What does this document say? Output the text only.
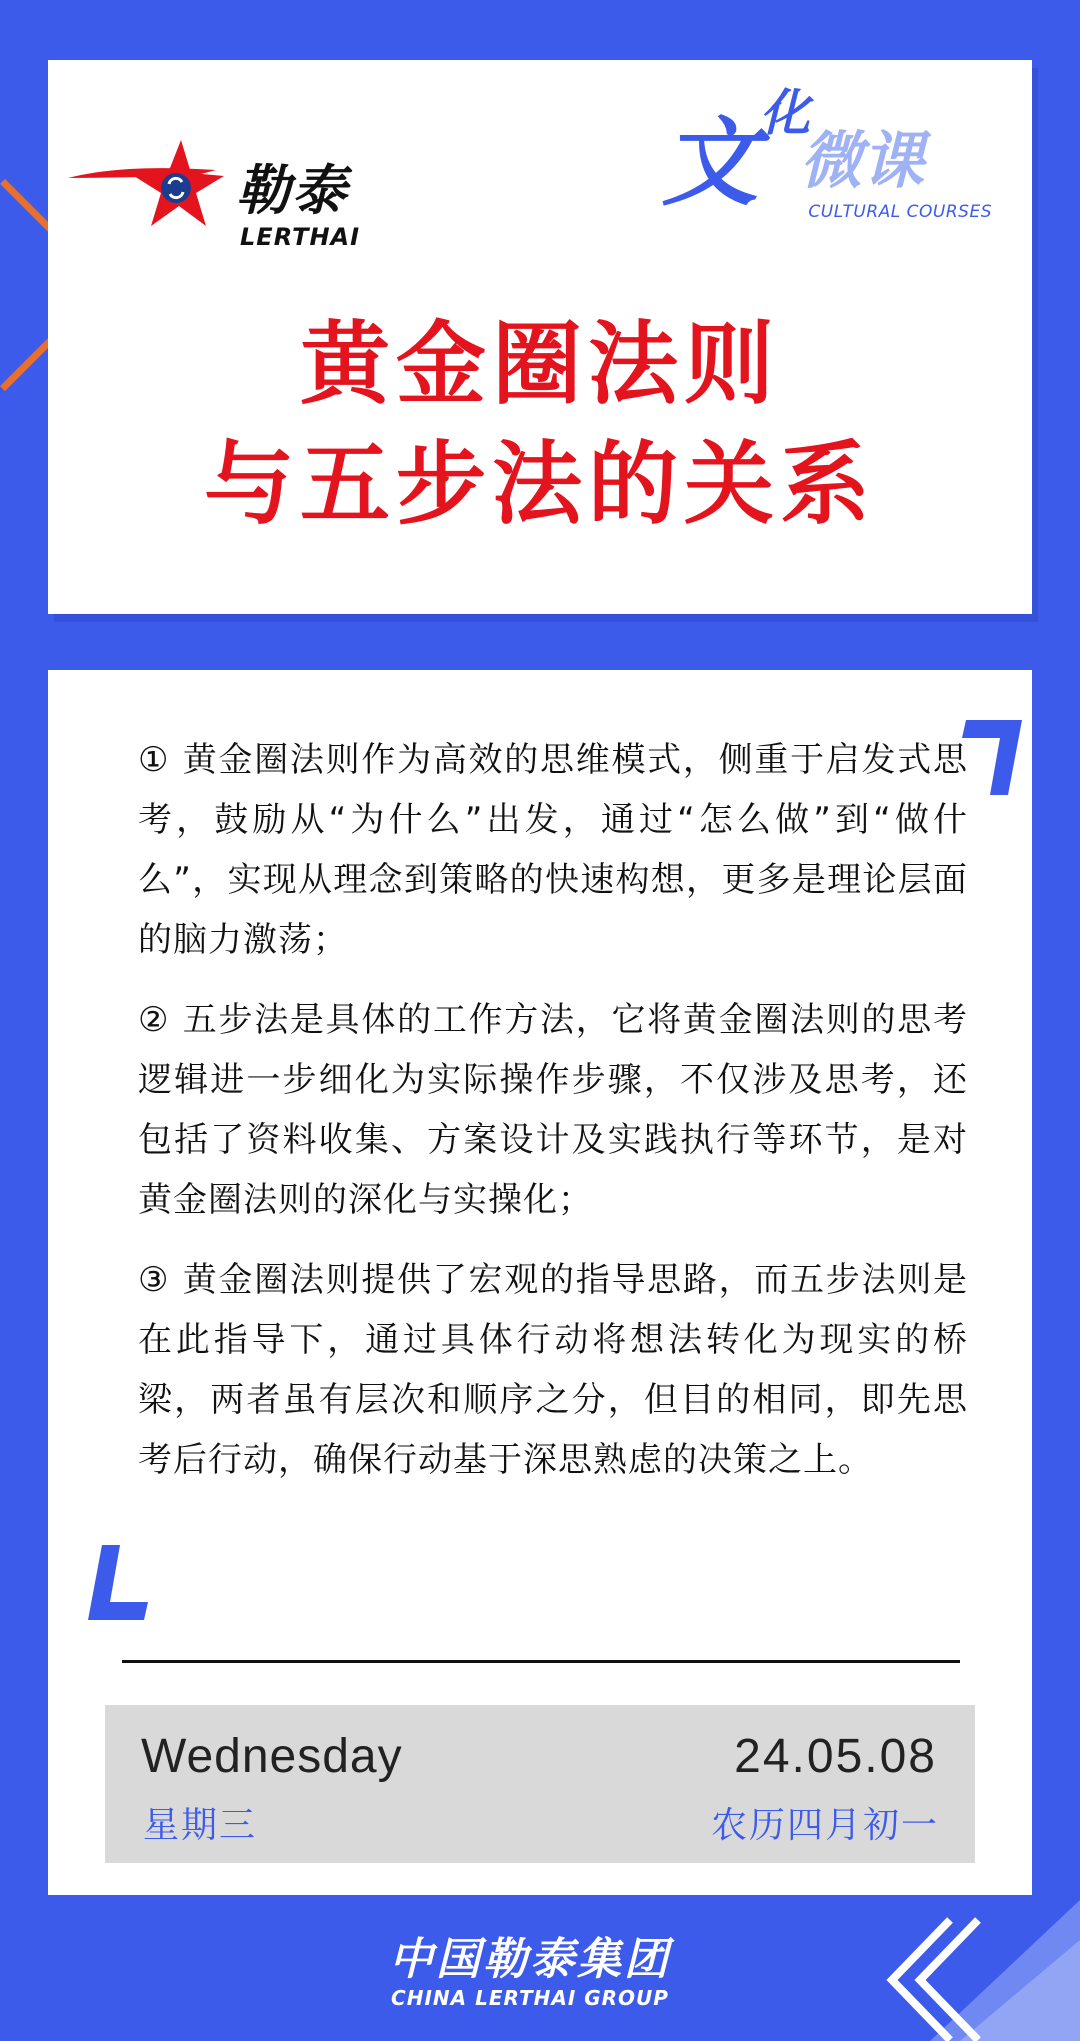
勒泰
LERTHAI
文 化
微课
CULTURAL COURSES
黄金圈法则
与五步法的关系

① 黄金圈法则作为高效的思维模式，侧重于启发式思考，鼓励从“为什么”出发，通过“怎么做”到“做什么”，实现从理念到策略的快速构想，更多是理论层面的脑力激荡；

② 五步法是具体的工作方法，它将黄金圈法则的思考逻辑进一步细化为实际操作步骤，不仅涉及思考，还包括了资料收集、方案设计及实践执行等环节，是对黄金圈法则的深化与实操化；

③ 黄金圈法则提供了宏观的指导思路，而五步法则是在此指导下，通过具体行动将想法转化为现实的桥梁，两者虽有层次和顺序之分，但目的相同，即先思考后行动，确保行动基于深思熟虑的决策之上。

Wednesday
星期三
24.05.08
农历四月初一
中国勒泰集团
CHINA LERTHAI GROUP
